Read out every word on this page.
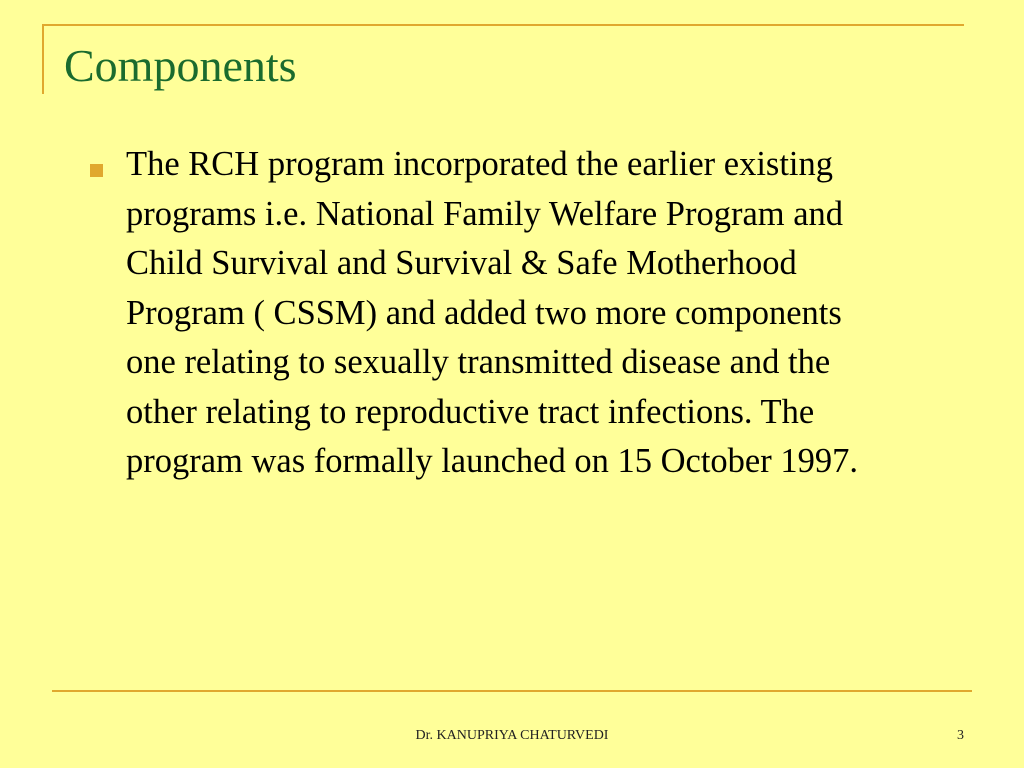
Components
The RCH program incorporated the earlier existing programs i.e. National Family Welfare Program and Child Survival and Survival & Safe Motherhood Program ( CSSM) and added two more components one relating to sexually transmitted disease and the other relating to reproductive tract infections. The program was formally launched on 15 October 1997.
Dr. KANUPRIYA CHATURVEDI	3
